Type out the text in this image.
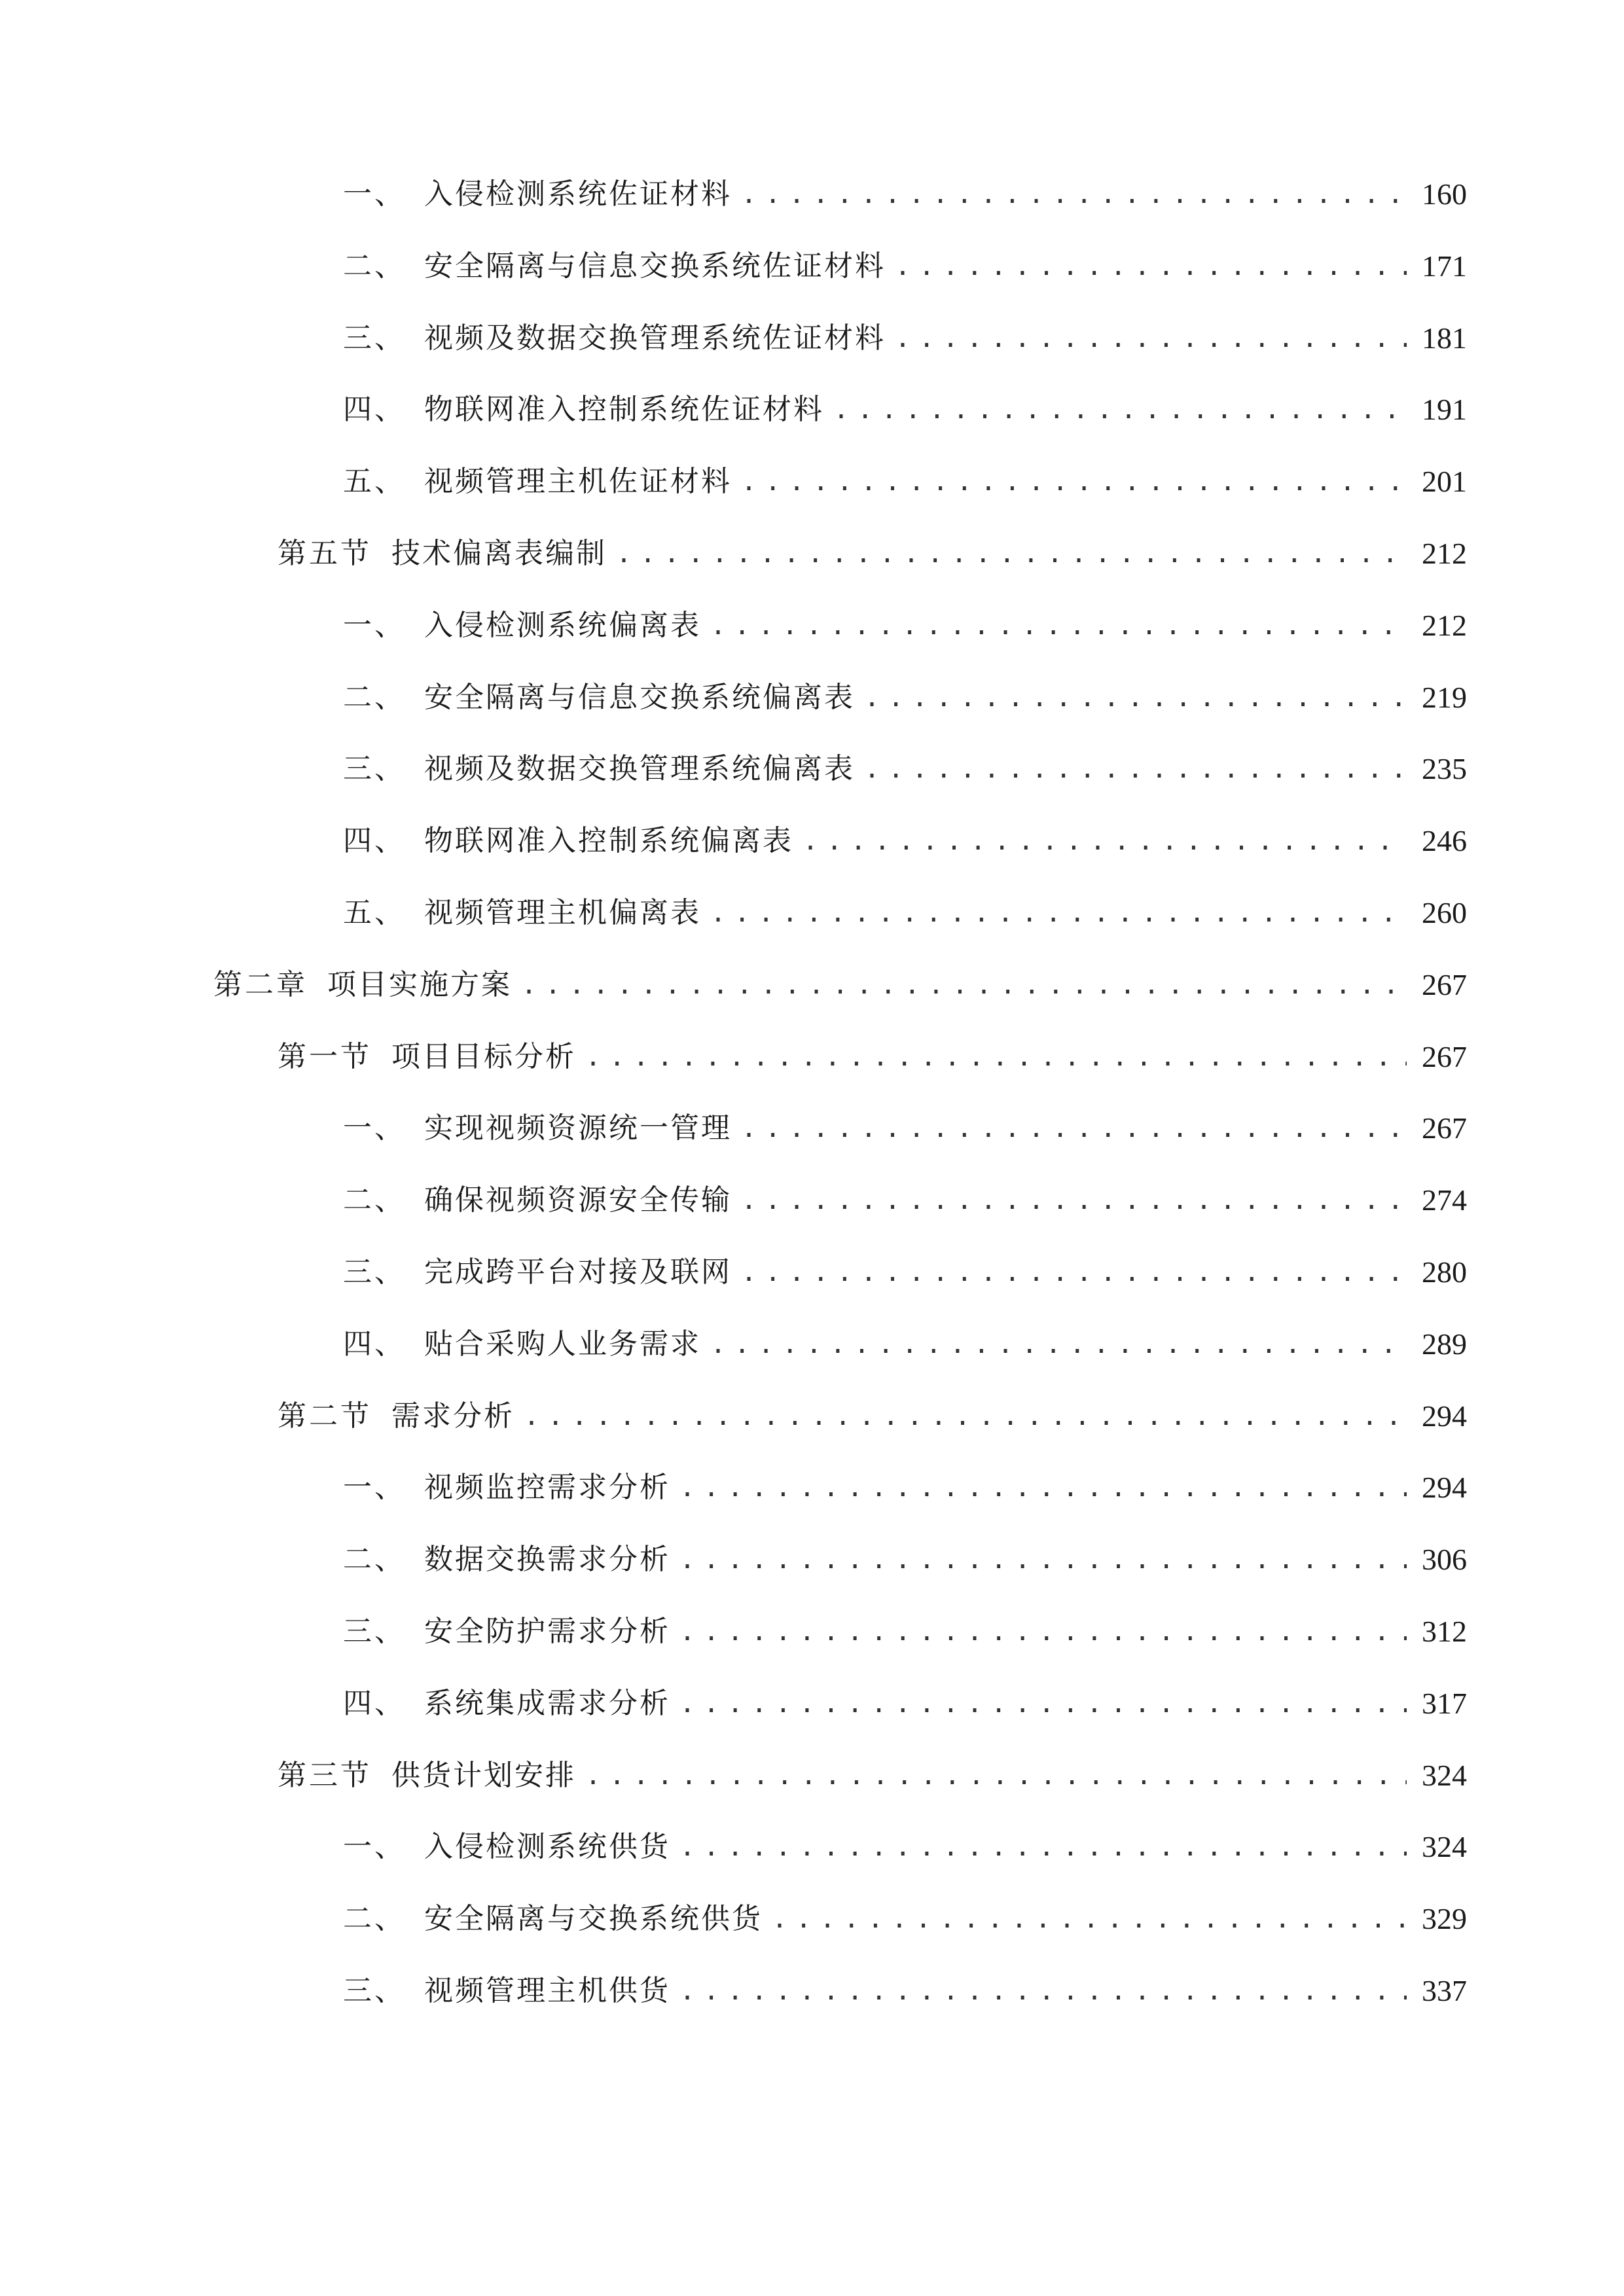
一、 入侵检测系统佐证材料 .....	160
二、 安全隔离与信息交换系统佐证材料 .....	171
三、 视频及数据交换管理系统佐证材料 .....	181
四、 物联网准入控制系统佐证材料 .....	191
五、 视频管理主机佐证材料 .....	201
第五节 技术偏离表编制 .....	212
一、 入侵检测系统偏离表 .....	212
二、 安全隔离与信息交换系统偏离表 .....	219
三、 视频及数据交换管理系统偏离表 .....	235
四、 物联网准入控制系统偏离表 .....	246
五、 视频管理主机偏离表 .....	260
第二章 项目实施方案 .....	267
第一节 项目目标分析 .....	267
一、 实现视频资源统一管理 .....	267
二、 确保视频资源安全传输 .....	274
三、 完成跨平台对接及联网 .....	280
四、 贴合采购人业务需求 .....	289
第二节 需求分析 .....	294
一、 视频监控需求分析 .....	294
二、 数据交换需求分析 .....	306
三、 安全防护需求分析 .....	312
四、 系统集成需求分析 .....	317
第三节 供货计划安排 .....	324
一、 入侵检测系统供货 .....	324
二、 安全隔离与交换系统供货 .....	329
三、 视频管理主机供货 .....	337
